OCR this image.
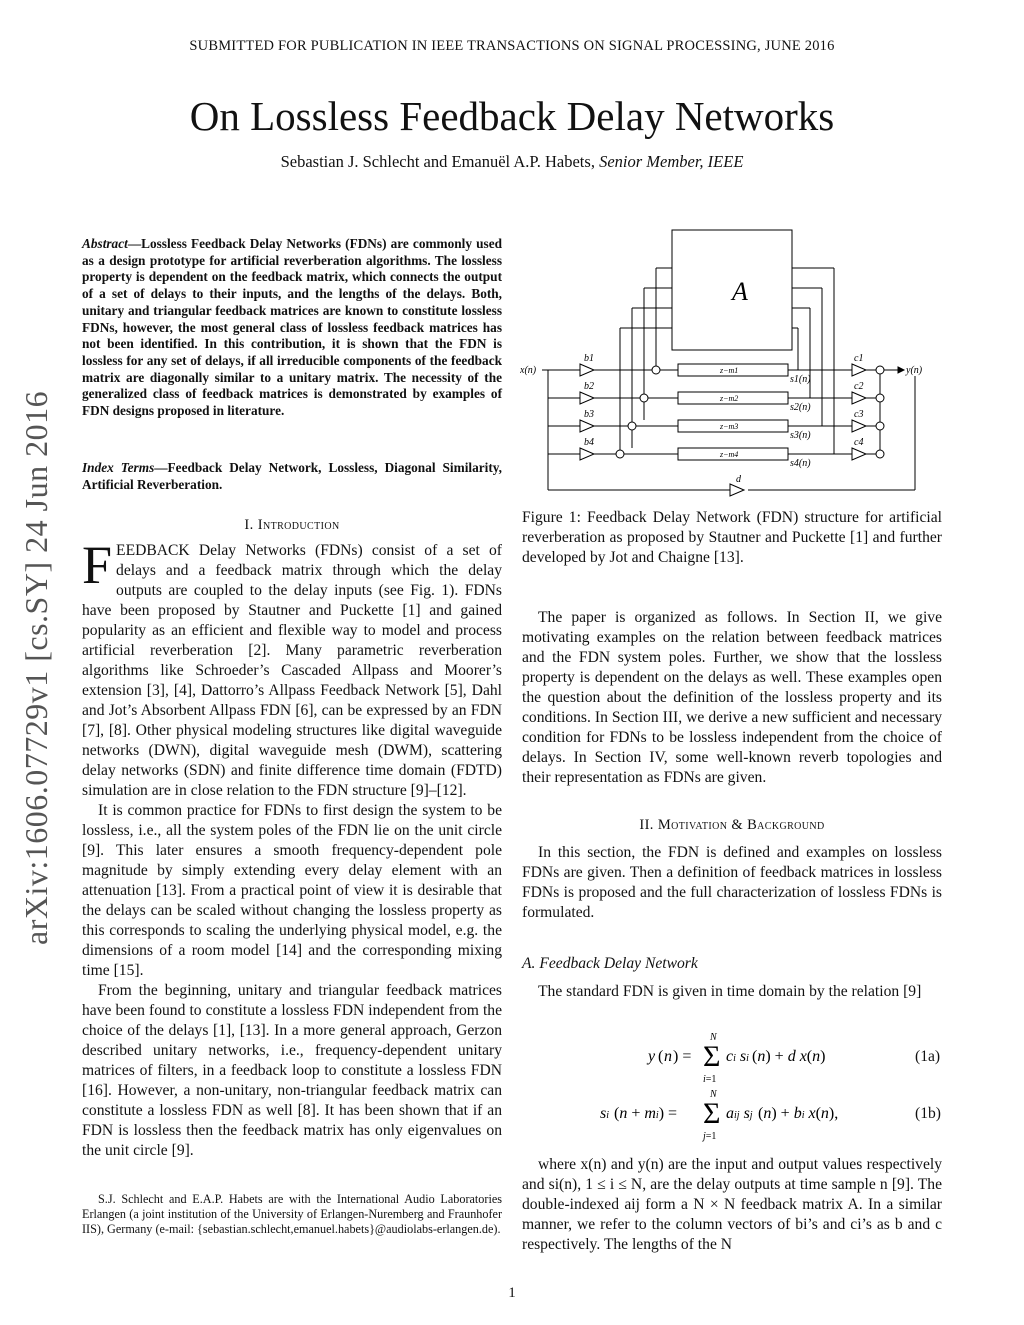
SUBMITTED FOR PUBLICATION IN IEEE TRANSACTIONS ON SIGNAL PROCESSING, JUNE 2016
On Lossless Feedback Delay Networks
Sebastian J. Schlecht and Emanuël A.P. Habets, Senior Member, IEEE
arXiv:1606.07729v1 [cs.SY] 24 Jun 2016
Abstract—Lossless Feedback Delay Networks (FDNs) are commonly used as a design prototype for artificial reverberation algorithms. The lossless property is dependent on the feedback matrix, which connects the output of a set of delays to their inputs, and the lengths of the delays. Both, unitary and triangular feedback matrices are known to constitute lossless FDNs, however, the most general class of lossless feedback matrices has not been identified. In this contribution, it is shown that the FDN is lossless for any set of delays, if all irreducible components of the feedback matrix are diagonally similar to a unitary matrix. The necessity of the generalized class of feedback matrices is demonstrated by examples of FDN designs proposed in literature.
Index Terms—Feedback Delay Network, Lossless, Diagonal Similarity, Artificial Reverberation.
I. Introduction

FEEDBACK Delay Networks (FDNs) consist of a set of delays and a feedback matrix through which the delay outputs are coupled to the delay inputs (see Fig. 1). FDNs have been proposed by Stautner and Puckette [1] and gained popularity as an efficient and flexible way to model and process artificial reverberation [2]. Many parametric reverberation algorithms like Schroeder’s Cascaded Allpass and Moorer’s extension [3], [4], Dattorro’s Allpass Feedback Network [5], Dahl and Jot’s Absorbent Allpass FDN [6], can be expressed by an FDN [7], [8]. Other physical modeling structures like digital waveguide networks (DWN), digital waveguide mesh (DWM), scattering delay networks (SDN) and finite difference time domain (FDTD) simulation are in close relation to the FDN structure [9]–[12].

It is common practice for FDNs to first design the system to be lossless, i.e., all the system poles of the FDN lie on the unit circle [9]. This later ensures a smooth frequency-dependent pole magnitude by simply extending every delay element with an attenuation [13]. From a practical point of view it is desirable that the delays can be scaled without changing the lossless property as this corresponds to scaling the underlying physical model, e.g. the dimensions of a room model [14] and the corresponding mixing time [15].

From the beginning, unitary and triangular feedback matrices have been found to constitute a lossless FDN independent from the choice of the delays [1], [13]. In a more general approach, Gerzon described unitary networks, i.e., frequency-dependent unitary matrices of filters, in a feedback loop to constitute a lossless FDN [16]. However, a non-unitary, non-triangular feedback matrix can constitute a lossless FDN as well [8]. It has been shown that if an FDN is lossless then the feedback matrix has only eigenvalues on the unit circle [9].

S.J. Schlecht and E.A.P. Habets are with the International Audio Laboratories Erlangen (a joint institution of the University of Erlangen-Nuremberg and Fraunhofer IIS), Germany (e-mail: {sebastian.schlecht,emanuel.habets}@audiolabs-erlangen.de).
A
x(n)	y(n)
b1
b2
b3
b4
c1
c2
c3
c4
z−m1
z−m2
z−m3
z−m4
s1(n)
s2(n)
s3(n)
s4(n)
d
Figure 1: Feedback Delay Network (FDN) structure for artificial reverberation as proposed by Stautner and Puckette [1] and further developed by Jot and Chaigne [13].

The paper is organized as follows. In Section II, we give motivating examples on the relation between feedback matrices and the FDN system poles. Further, we show that the lossless property is dependent on the delays as well. These examples open the question about the definition of the lossless property and its conditions. In Section III, we derive a new sufficient and necessary condition for FDNs to be lossless independent from the choice of delays. In Section IV, some well-known reverb topologies and their representation as FDNs are given.

II. Motivation & Background

In this section, the FDN is defined and examples on lossless FDNs are given. Then a definition of feedback matrices in lossless FDNs is proposed and the full characterization of lossless FDNs is formulated.

A. Feedback Delay Network

The standard FDN is given in time domain by the relation [9]

y ( n ) = Σ
N
i=1
ci si (n) + d x(n)	(1a)
si (n + mi) = Σ
N
j=1
aij sj (n) + bi x(n),	(1b)

where x(n) and y(n) are the input and output values respectively and si(n), 1 ≤ i ≤ N, are the delay outputs at time sample n [9]. The double-indexed aij form a N × N feedback matrix A. In a similar manner, we refer to the column vectors of bi’s and ci’s as b and c respectively. The lengths of the N

1
